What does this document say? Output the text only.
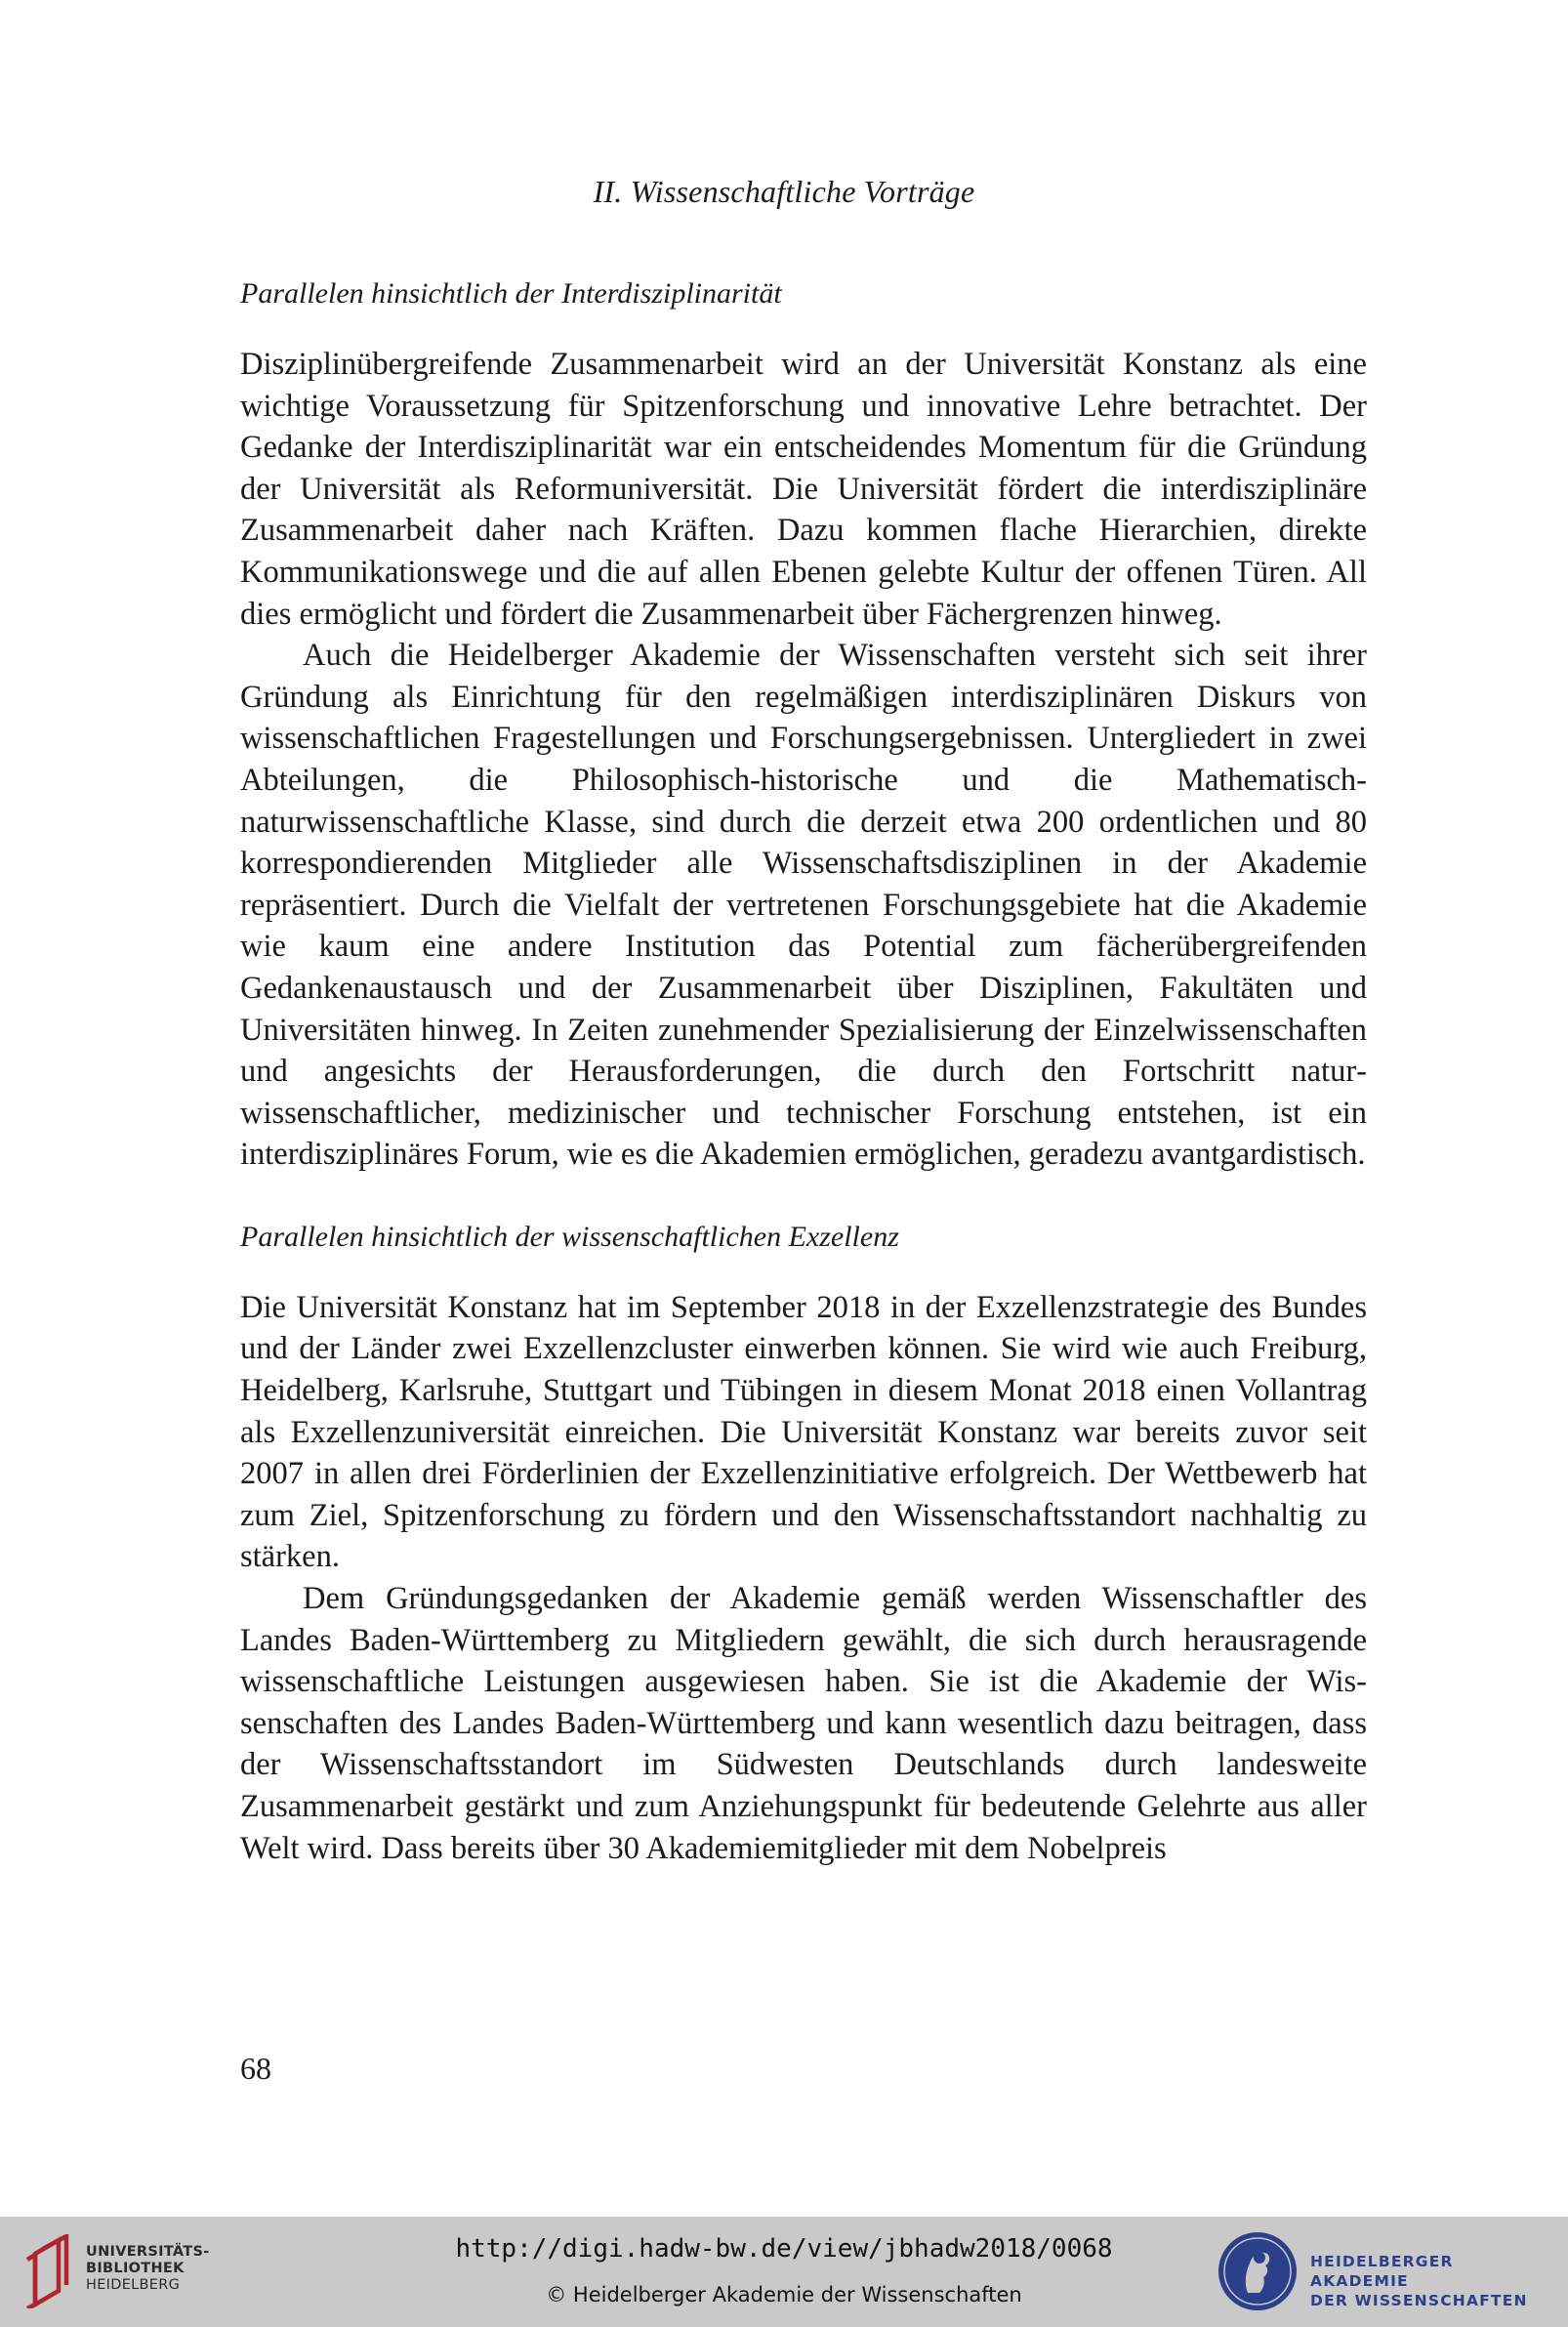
II. Wissenschaftliche Vorträge
Parallelen hinsichtlich der Interdisziplinarität

Disziplinübergreifende Zusammenarbeit wird an der Universität Konstanz als eine wichtige Voraussetzung für Spitzenforschung und innovative Lehre betrachtet. Der Gedanke der Interdisziplinarität war ein entscheidendes Momentum für die Gründung der Universität als Reformuniversität. Die Universität fördert die interdisziplinäre Zusammenarbeit daher nach Kräften. Dazu kommen flache Hierarchien, direkte Kommunikationswege und die auf allen Ebenen gelebte Kultur der offenen Türen. All dies ermöglicht und fördert die Zusammenarbeit über Fächergrenzen hinweg.

Auch die Heidelberger Akademie der Wissenschaften versteht sich seit ihrer Gründung als Einrichtung für den regelmäßigen interdisziplinären Diskurs von wissenschaftlichen Fragestellungen und Forschungsergebnissen. Untergliedert in zwei Abteilungen, die Philosophisch-historische und die Mathematisch-naturwissenschaftliche Klasse, sind durch die derzeit etwa 200 ordentlichen und 80 korrespondierenden Mitglieder alle Wissenschaftsdisziplinen in der Akademie repräsentiert. Durch die Vielfalt der vertretenen Forschungsgebiete hat die Akademie wie kaum eine andere Institution das Potential zum fächerübergreifenden Gedankenaustausch und der Zusammenarbeit über Disziplinen, Fakultäten und Universitäten hinweg. In Zeiten zunehmender Spezialisierung der Einzelwissenschaften und angesichts der Herausforderungen, die durch den Fortschritt naturwissenschaftlicher, medizinischer und technischer Forschung entstehen, ist ein interdisziplinäres Forum, wie es die Akademien ermöglichen, geradezu avantgardistisch.

Parallelen hinsichtlich der wissenschaftlichen Exzellenz

Die Universität Konstanz hat im September 2018 in der Exzellenzstrategie des Bundes und der Länder zwei Exzellenzcluster einwerben können. Sie wird wie auch Freiburg, Heidelberg, Karlsruhe, Stuttgart und Tübingen in diesem Monat 2018 einen Vollantrag als Exzellenzuniversität einreichen. Die Universität Konstanz war bereits zuvor seit 2007 in allen drei Förderlinien der Exzellenzinitiative erfolgreich. Der Wettbewerb hat zum Ziel, Spitzenforschung zu fördern und den Wissenschaftsstandort nachhaltig zu stärken.

Dem Gründungsgedanken der Akademie gemäß werden Wissenschaftler des Landes Baden-Württemberg zu Mitgliedern gewählt, die sich durch herausragende wissenschaftliche Leistungen ausgewiesen haben. Sie ist die Akademie der Wissenschaften des Landes Baden-Württemberg und kann wesentlich dazu beitragen, dass der Wissenschaftsstandort im Südwesten Deutschlands durch landesweite Zusammenarbeit gestärkt und zum Anziehungspunkt für bedeutende Gelehrte aus aller Welt wird. Dass bereits über 30 Akademiemitglieder mit dem Nobelpreis

68
UNIVERSITÄTS-
BIBLIOTHEK
HEIDELBERG
http://digi.hadw-bw.de/view/jbhadw2018/0068
© Heidelberger Akademie der Wissenschaften
HEIDELBERGER AKADEMIE
DER WISSENSCHAFTEN
